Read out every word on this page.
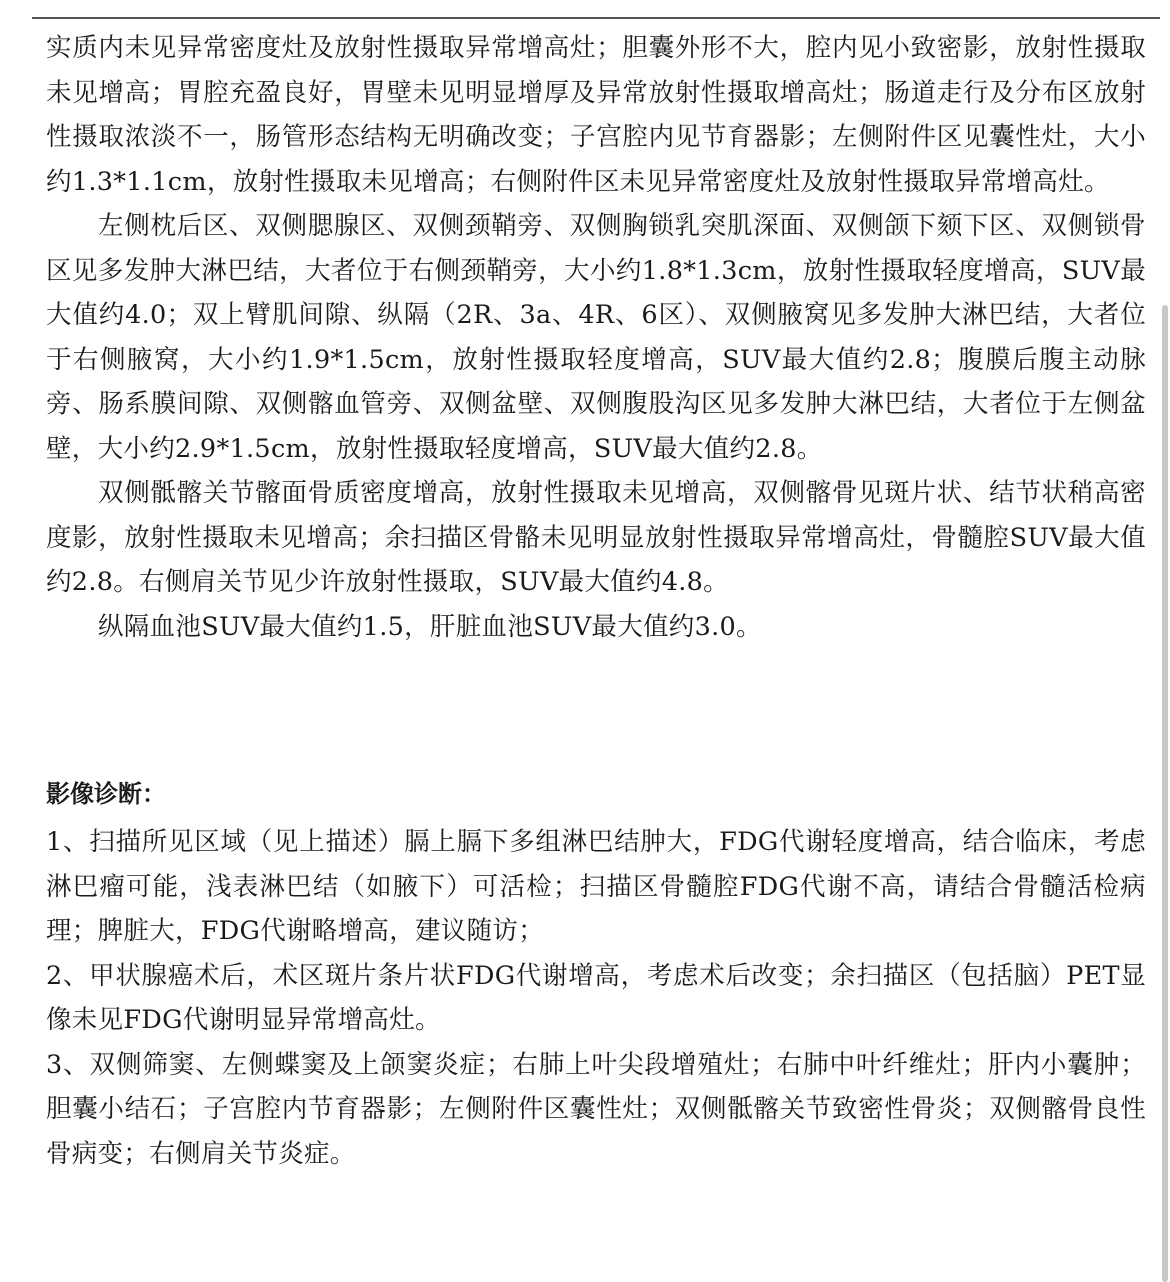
实质内未见异常密度灶及放射性摄取异常增高灶；胆囊外形不大，腔内见小致密影，放射性摄取未见增高；胃腔充盈良好，胃壁未见明显增厚及异常放射性摄取增高灶；肠道走行及分布区放射性摄取浓淡不一，肠管形态结构无明确改变；子宫腔内见节育器影；左侧附件区见囊性灶，大小约1.3*1.1cm，放射性摄取未见增高；右侧附件区未见异常密度灶及放射性摄取异常增高灶。

左侧枕后区、双侧腮腺区、双侧颈鞘旁、双侧胸锁乳突肌深面、双侧颌下颏下区、双侧锁骨区见多发肿大淋巴结，大者位于右侧颈鞘旁，大小约1.8*1.3cm，放射性摄取轻度增高，SUV最大值约4.0；双上臂肌间隙、纵隔（2R、3a、4R、6区）、双侧腋窝见多发肿大淋巴结，大者位于右侧腋窝，大小约1.9*1.5cm，放射性摄取轻度增高，SUV最大值约2.8；腹膜后腹主动脉旁、肠系膜间隙、双侧髂血管旁、双侧盆壁、双侧腹股沟区见多发肿大淋巴结，大者位于左侧盆壁，大小约2.9*1.5cm，放射性摄取轻度增高，SUV最大值约2.8。

双侧骶髂关节髂面骨质密度增高，放射性摄取未见增高，双侧髂骨见斑片状、结节状稍高密度影，放射性摄取未见增高；余扫描区骨骼未见明显放射性摄取异常增高灶，骨髓腔SUV最大值约2.8。右侧肩关节见少许放射性摄取，SUV最大值约4.8。

纵隔血池SUV最大值约1.5，肝脏血池SUV最大值约3.0。

影像诊断：

1、扫描所见区域（见上描述）膈上膈下多组淋巴结肿大，FDG代谢轻度增高，结合临床，考虑淋巴瘤可能，浅表淋巴结（如腋下）可活检；扫描区骨髓腔FDG代谢不高，请结合骨髓活检病理；脾脏大，FDG代谢略增高，建议随访；

2、甲状腺癌术后，术区斑片条片状FDG代谢增高，考虑术后改变；余扫描区（包括脑）PET显像未见FDG代谢明显异常增高灶。

3、双侧筛窦、左侧蝶窦及上颌窦炎症；右肺上叶尖段增殖灶；右肺中叶纤维灶；肝内小囊肿；胆囊小结石；子宫腔内节育器影；左侧附件区囊性灶；双侧骶髂关节致密性骨炎；双侧髂骨良性骨病变；右侧肩关节炎症。
